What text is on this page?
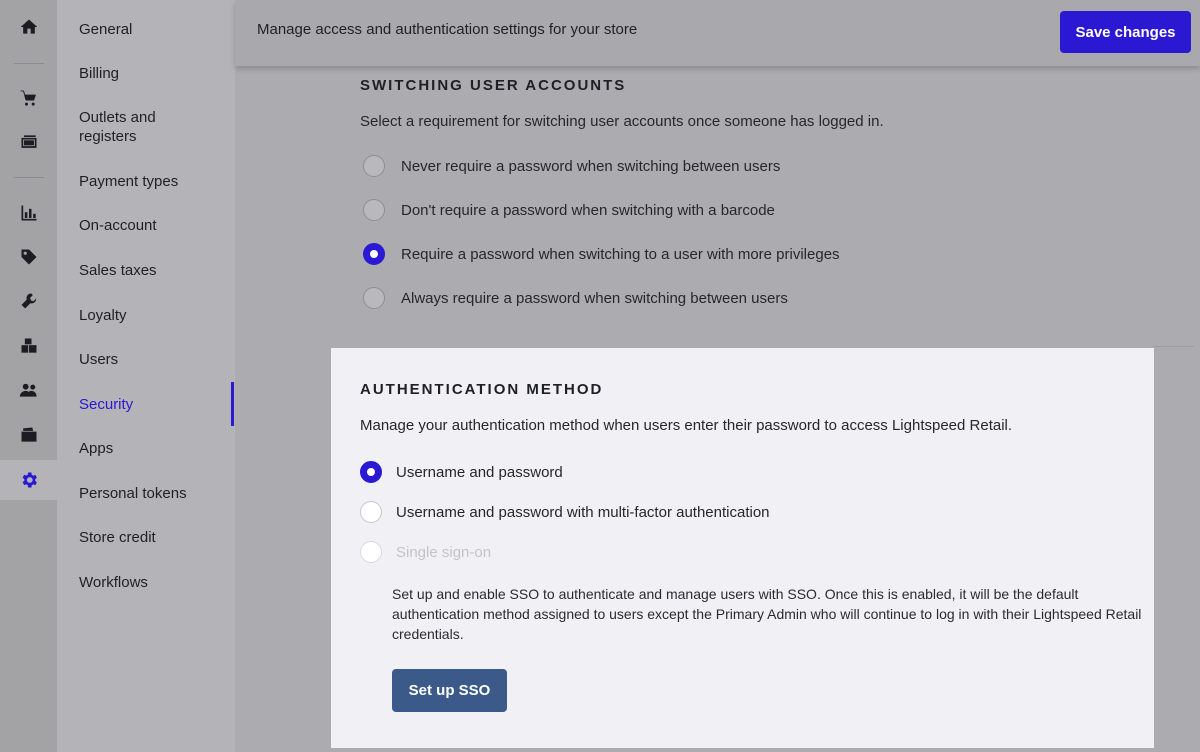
General
Billing
Outlets and registers
Payment types
On-account
Sales taxes
Loyalty
Users
Security
Apps
Personal tokens
Store credit
Workflows
Manage access and authentication settings for your store	Save changes
SWITCHING USER ACCOUNTS
Select a requirement for switching user accounts once someone has logged in.
Never require a password when switching between users
Don't require a password when switching with a barcode
Require a password when switching to a user with more privileges
Always require a password when switching between users
AUTHENTICATION METHOD
Manage your authentication method when users enter their password to access Lightspeed Retail.
Username and password
Username and password with multi-factor authentication
Single sign-on
Set up and enable SSO to authenticate and manage users with SSO. Once this is enabled, it will be the default
authentication method assigned to users except the Primary Admin who will continue to log in with their Lightspeed Retail
credentials.
Set up SSO
